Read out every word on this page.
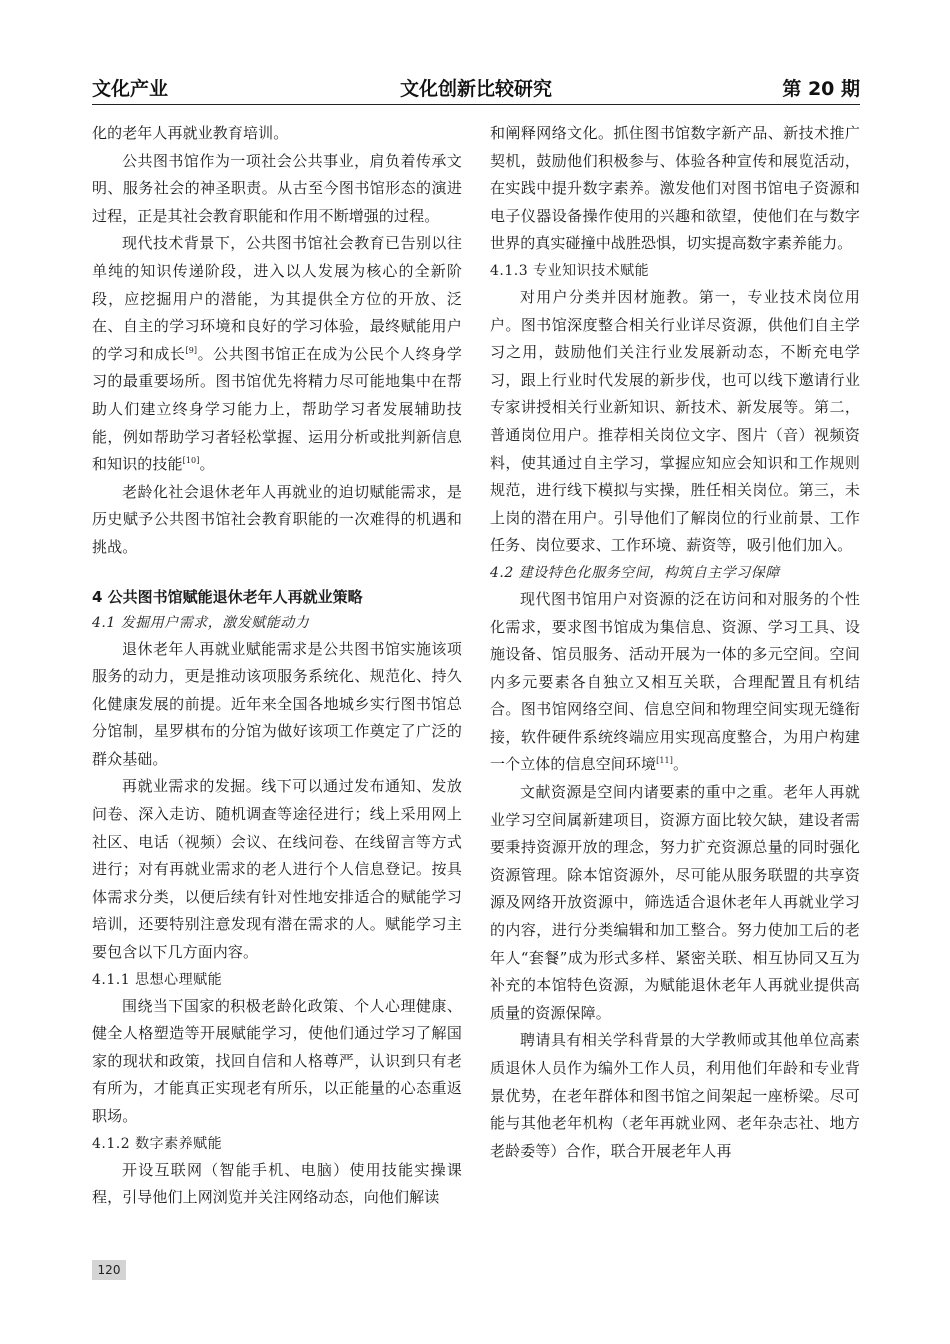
文化产业	文化创新比较研究	第 20 期

化的老年人再就业教育培训。

公共图书馆作为一项社会公共事业，肩负着传承文明、服务社会的神圣职责。从古至今图书馆形态的演进过程，正是其社会教育职能和作用不断增强的过程。

现代技术背景下，公共图书馆社会教育已告别以往单纯的知识传递阶段，进入以人发展为核心的全新阶段，应挖掘用户的潜能，为其提供全方位的开放、泛在、自主的学习环境和良好的学习体验，最终赋能用户的学习和成长[9]。公共图书馆正在成为公民个人终身学习的最重要场所。图书馆优先将精力尽可能地集中在帮助人们建立终身学习能力上，帮助学习者发展辅助技能，例如帮助学习者轻松掌握、运用分析或批判新信息和知识的技能[10]。

老龄化社会退休老年人再就业的迫切赋能需求，是历史赋予公共图书馆社会教育职能的一次难得的机遇和挑战。

4 公共图书馆赋能退休老年人再就业策略
4.1 发掘用户需求，激发赋能动力

退休老年人再就业赋能需求是公共图书馆实施该项服务的动力，更是推动该项服务系统化、规范化、持久化健康发展的前提。近年来全国各地城乡实行图书馆总分馆制，星罗棋布的分馆为做好该项工作奠定了广泛的群众基础。

再就业需求的发掘。线下可以通过发布通知、发放问卷、深入走访、随机调查等途径进行；线上采用网上社区、电话（视频）会议、在线问卷、在线留言等方式进行；对有再就业需求的老人进行个人信息登记。按具体需求分类，以便后续有针对性地安排适合的赋能学习培训，还要特别注意发现有潜在需求的人。赋能学习主要包含以下几方面内容。

4.1.1 思想心理赋能

围绕当下国家的积极老龄化政策、个人心理健康、健全人格塑造等开展赋能学习，使他们通过学习了解国家的现状和政策，找回自信和人格尊严，认识到只有老有所为，才能真正实现老有所乐，以正能量的心态重返职场。

4.1.2 数字素养赋能

开设互联网（智能手机、电脑）使用技能实操课程，引导他们上网浏览并关注网络动态，向他们解读

和阐释网络文化。抓住图书馆数字新产品、新技术推广契机，鼓励他们积极参与、体验各种宣传和展览活动，在实践中提升数字素养。激发他们对图书馆电子资源和电子仪器设备操作使用的兴趣和欲望，使他们在与数字世界的真实碰撞中战胜恐惧，切实提高数字素养能力。

4.1.3 专业知识技术赋能

对用户分类并因材施教。第一，专业技术岗位用户。图书馆深度整合相关行业详尽资源，供他们自主学习之用，鼓励他们关注行业发展新动态，不断充电学习，跟上行业时代发展的新步伐，也可以线下邀请行业专家讲授相关行业新知识、新技术、新发展等。第二，普通岗位用户。推荐相关岗位文字、图片（音）视频资料，使其通过自主学习，掌握应知应会知识和工作规则规范，进行线下模拟与实操，胜任相关岗位。第三，未上岗的潜在用户。引导他们了解岗位的行业前景、工作任务、岗位要求、工作环境、薪资等，吸引他们加入。

4.2 建设特色化服务空间，构筑自主学习保障

现代图书馆用户对资源的泛在访问和对服务的个性化需求，要求图书馆成为集信息、资源、学习工具、设施设备、馆员服务、活动开展为一体的多元空间。空间内多元要素各自独立又相互关联，合理配置且有机结合。图书馆网络空间、信息空间和物理空间实现无缝衔接，软件硬件系统终端应用实现高度整合，为用户构建一个立体的信息空间环境[11]。

文献资源是空间内诸要素的重中之重。老年人再就业学习空间属新建项目，资源方面比较欠缺，建设者需要秉持资源开放的理念，努力扩充资源总量的同时强化资源管理。除本馆资源外，尽可能从服务联盟的共享资源及网络开放资源中，筛选适合退休老年人再就业学习的内容，进行分类编辑和加工整合。努力使加工后的老年人“套餐”成为形式多样、紧密关联、相互协同又互为补充的本馆特色资源，为赋能退休老年人再就业提供高质量的资源保障。

聘请具有相关学科背景的大学教师或其他单位高素质退休人员作为编外工作人员，利用他们年龄和专业背景优势，在老年群体和图书馆之间架起一座桥梁。尽可能与其他老年机构（老年再就业网、老年杂志社、地方老龄委等）合作，联合开展老年人再

120
